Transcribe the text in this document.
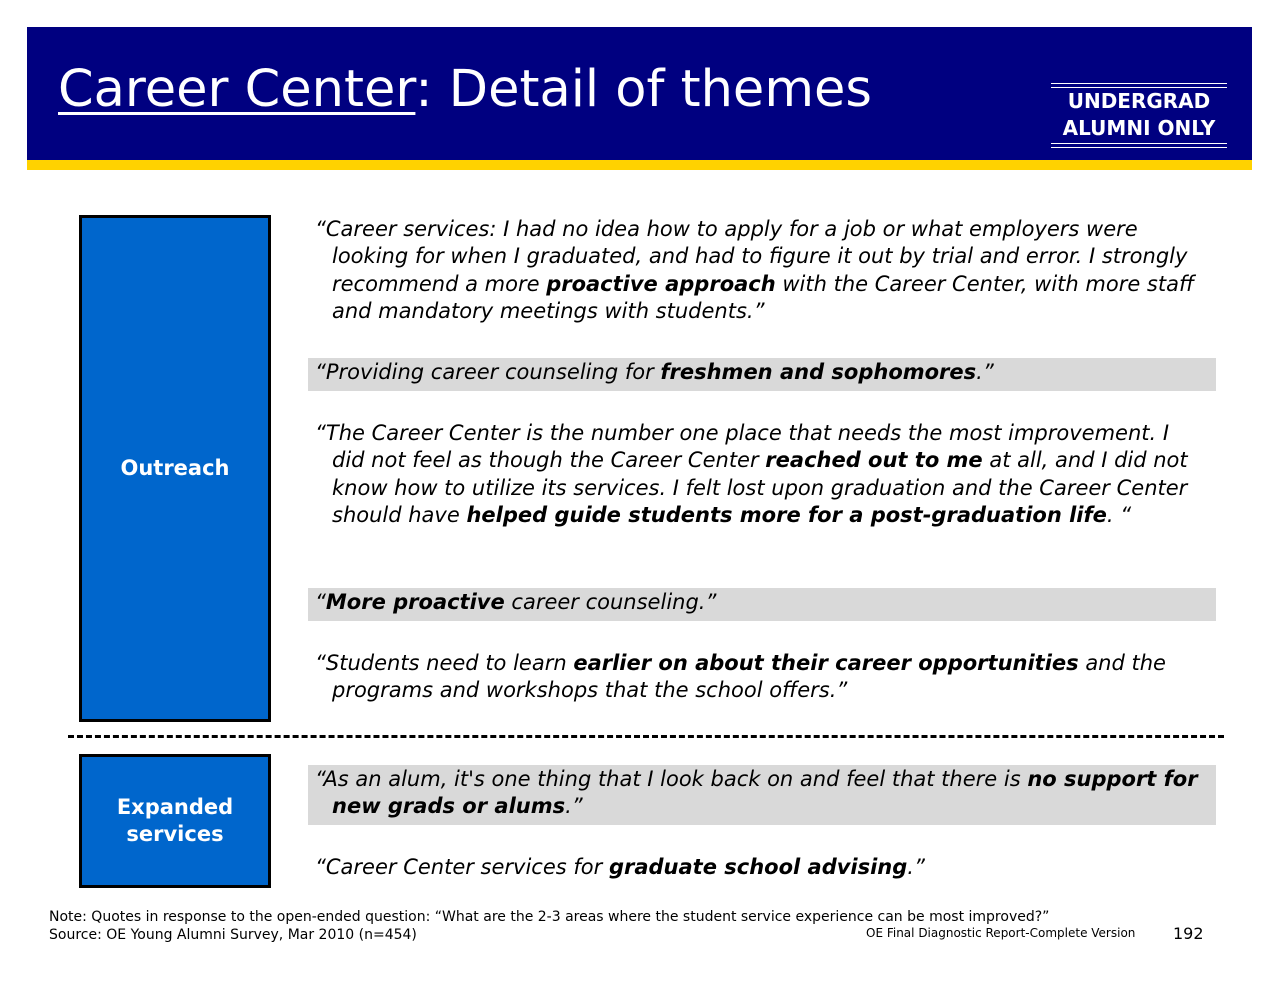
Career Center: Detail of themes	UNDERGRAD
ALUMNI ONLY
Outreach
Expanded
services

“Career services: I had no idea how to apply for a job or what employers were looking for when I graduated, and had to figure it out by trial and error. I strongly recommend a more proactive approach with the Career Center, with more staff and mandatory meetings with students.”

“Providing career counseling for freshmen and sophomores.”

“The Career Center is the number one place that needs the most improvement. I did not feel as though the Career Center reached out to me at all, and I did not know how to utilize its services. I felt lost upon graduation and the Career Center should have helped guide students more for a post-graduation life. “

“More proactive career counseling.”

“Students need to learn earlier on about their career opportunities and the programs and workshops that the school offers.”

“As an alum, it's one thing that I look back on and feel that there is no support for new grads or alums.”

“Career Center services for graduate school advising.”

Note: Quotes in response to the open-ended question: “What are the 2-3 areas where the student service experience can be most improved?”
Source: OE Young Alumni Survey, Mar 2010 (n=454)	OE Final Diagnostic Report-Complete Version 192
